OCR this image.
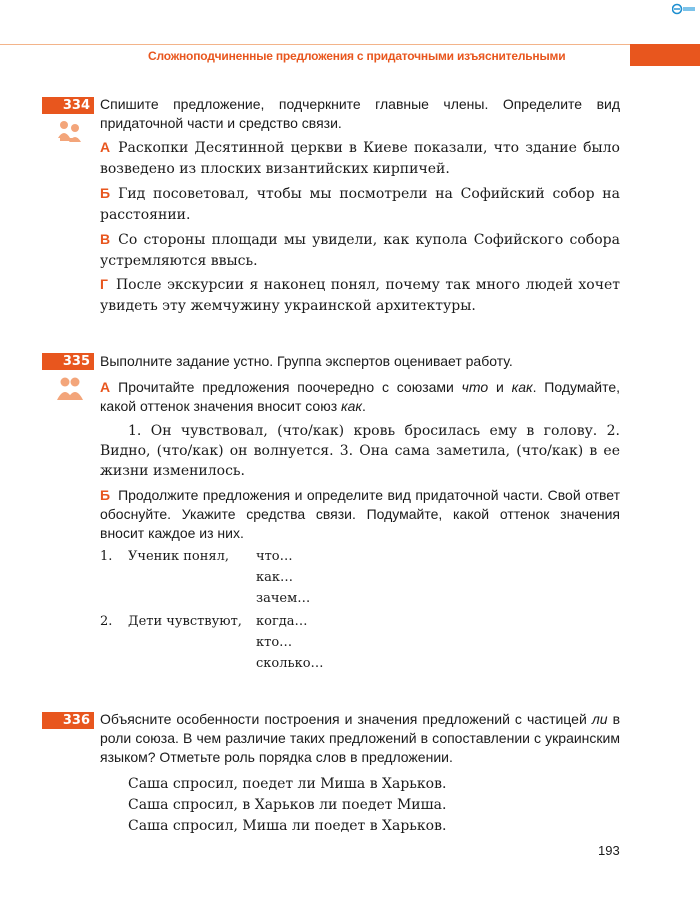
Сложноподчиненные предложения с придаточными изъяснительными
334 Спишите предложение, подчеркните главные члены. Определите вид придаточной части и средство связи.
А Раскопки Десятинной церкви в Киеве показали, что здание было возведено из плоских византийских кирпичей.
Б Гид посоветовал, чтобы мы посмотрели на Софийский собор на расстоянии.
В Со стороны площади мы увидели, как купола Софийского собора устремляются ввысь.
Г После экскурсии я наконец понял, почему так много людей хочет увидеть эту жемчужину украинской архитектуры.
335 Выполните задание устно. Группа экспертов оценивает работу.
А Прочитайте предложения поочередно с союзами что и как. Подумайте, какой оттенок значения вносит союз как.
1. Он чувствовал, (что/как) кровь бросилась ему в голову. 2. Видно, (что/как) он волнуется. 3. Она сама заметила, (что/как) в ее жизни изменилось.
Б Продолжите предложения и определите вид придаточной части. Свой ответ обоснуйте. Укажите средства связи. Подумайте, какой оттенок значения вносит каждое из них.
1. Ученик понял, что…
как…
зачем…
2. Дети чувствуют, когда…
кто…
сколько…
336 Объясните особенности построения и значения предложений с частицей ли в роли союза. В чем различие таких предложений в сопоставлении с украинским языком? Отметьте роль порядка слов в предложении.
Саша спросил, поедет ли Миша в Харьков.
Саша спросил, в Харьков ли поедет Миша.
Саша спросил, Миша ли поедет в Харьков.
193
